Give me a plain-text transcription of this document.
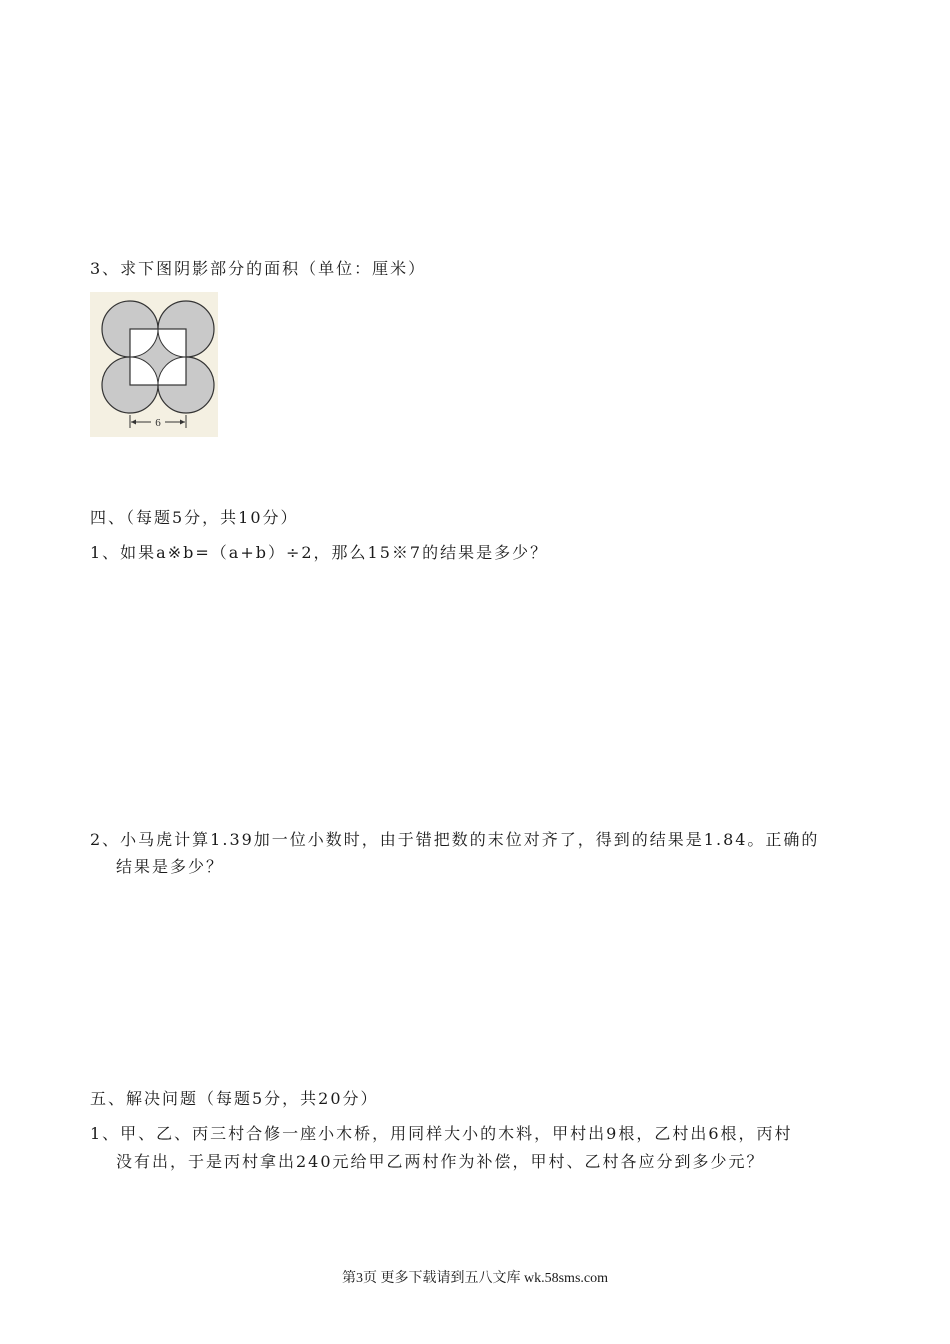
3、求下图阴影部分的面积（单位：厘米）
6
四、（每题5分，共10分）
1、如果a※b=（a+b）÷2，那么15※7的结果是多少？
2、小马虎计算1.39加一位小数时，由于错把数的末位对齐了，得到的结果是1.84。正确的
结果是多少？
五、解决问题（每题5分，共20分）
1、甲、乙、丙三村合修一座小木桥，用同样大小的木料，甲村出9根，乙村出6根，丙村
没有出，于是丙村拿出240元给甲乙两村作为补偿，甲村、乙村各应分到多少元？
第3页 更多下载请到五八文库 wk.58sms.com
